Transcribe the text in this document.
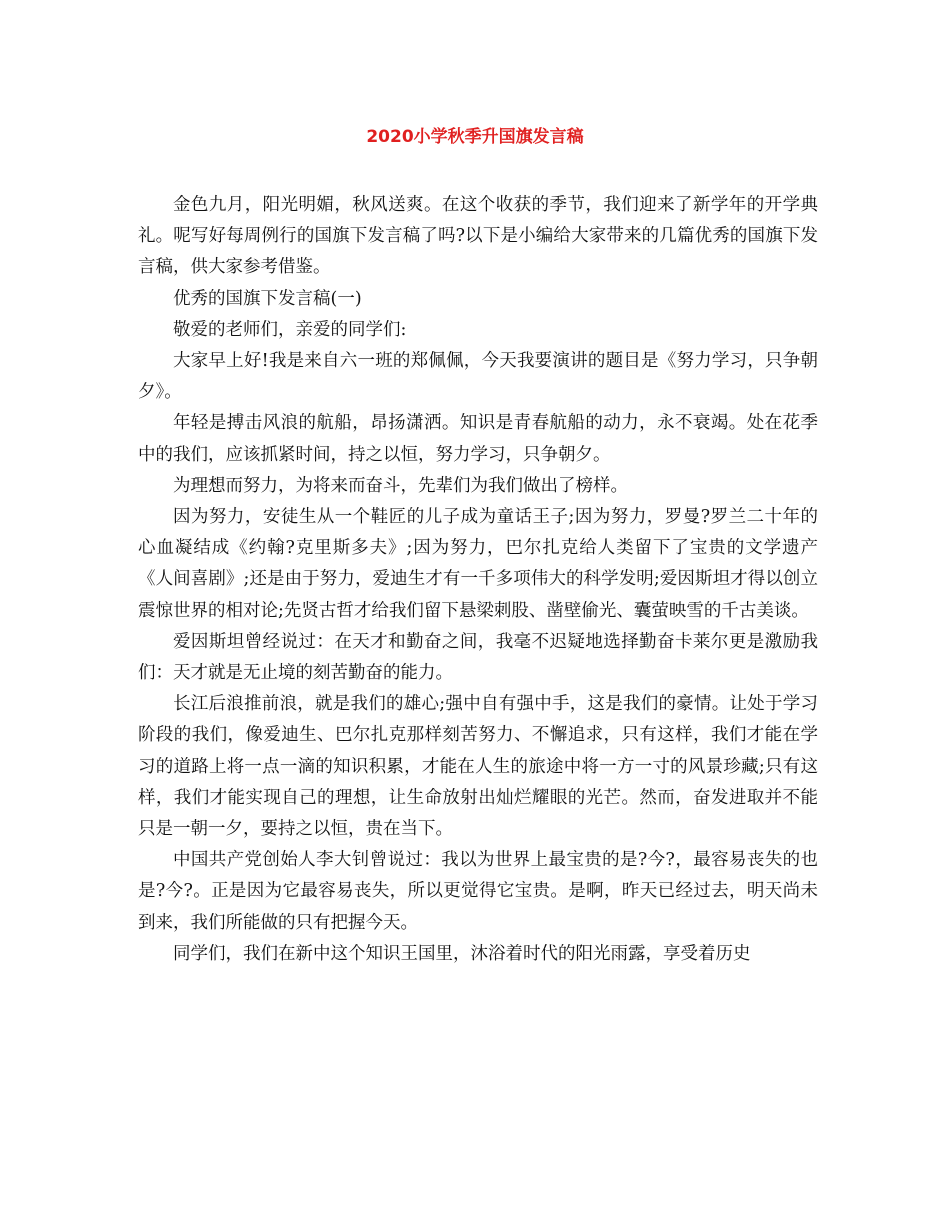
2020小学秋季升国旗发言稿

金色九月，阳光明媚，秋风送爽。在这个收获的季节，我们迎来了新学年的开学典礼。呢写好每周例行的国旗下发言稿了吗?以下是小编给大家带来的几篇优秀的国旗下发言稿，供大家参考借鉴。

优秀的国旗下发言稿(一)

敬爱的老师们，亲爱的同学们:

大家早上好!我是来自六一班的郑佩佩，今天我要演讲的题目是《努力学习，只争朝夕》。

年轻是搏击风浪的航船，昂扬潇洒。知识是青春航船的动力，永不衰竭。处在花季中的我们，应该抓紧时间，持之以恒，努力学习，只争朝夕。

为理想而努力，为将来而奋斗，先辈们为我们做出了榜样。

因为努力，安徒生从一个鞋匠的儿子成为童话王子;因为努力，罗曼?罗兰二十年的心血凝结成《约翰?克里斯多夫》;因为努力，巴尔扎克给人类留下了宝贵的文学遗产《人间喜剧》;还是由于努力，爱迪生才有一千多项伟大的科学发明;爱因斯坦才得以创立震惊世界的相对论;先贤古哲才给我们留下悬梁刺股、凿壁偷光、囊萤映雪的千古美谈。

爱因斯坦曾经说过：在天才和勤奋之间，我毫不迟疑地选择勤奋卡莱尔更是激励我们：天才就是无止境的刻苦勤奋的能力。

长江后浪推前浪，就是我们的雄心;强中自有强中手，这是我们的豪情。让处于学习阶段的我们，像爱迪生、巴尔扎克那样刻苦努力、不懈追求，只有这样，我们才能在学习的道路上将一点一滴的知识积累，才能在人生的旅途中将一方一寸的风景珍藏;只有这样，我们才能实现自己的理想，让生命放射出灿烂耀眼的光芒。然而，奋发进取并不能只是一朝一夕，要持之以恒，贵在当下。

中国共产党创始人李大钊曾说过：我以为世界上最宝贵的是?今?，最容易丧失的也是?今?。正是因为它最容易丧失，所以更觉得它宝贵。是啊，昨天已经过去，明天尚未到来，我们所能做的只有把握今天。

同学们，我们在新中这个知识王国里，沐浴着时代的阳光雨露，享受着历史
